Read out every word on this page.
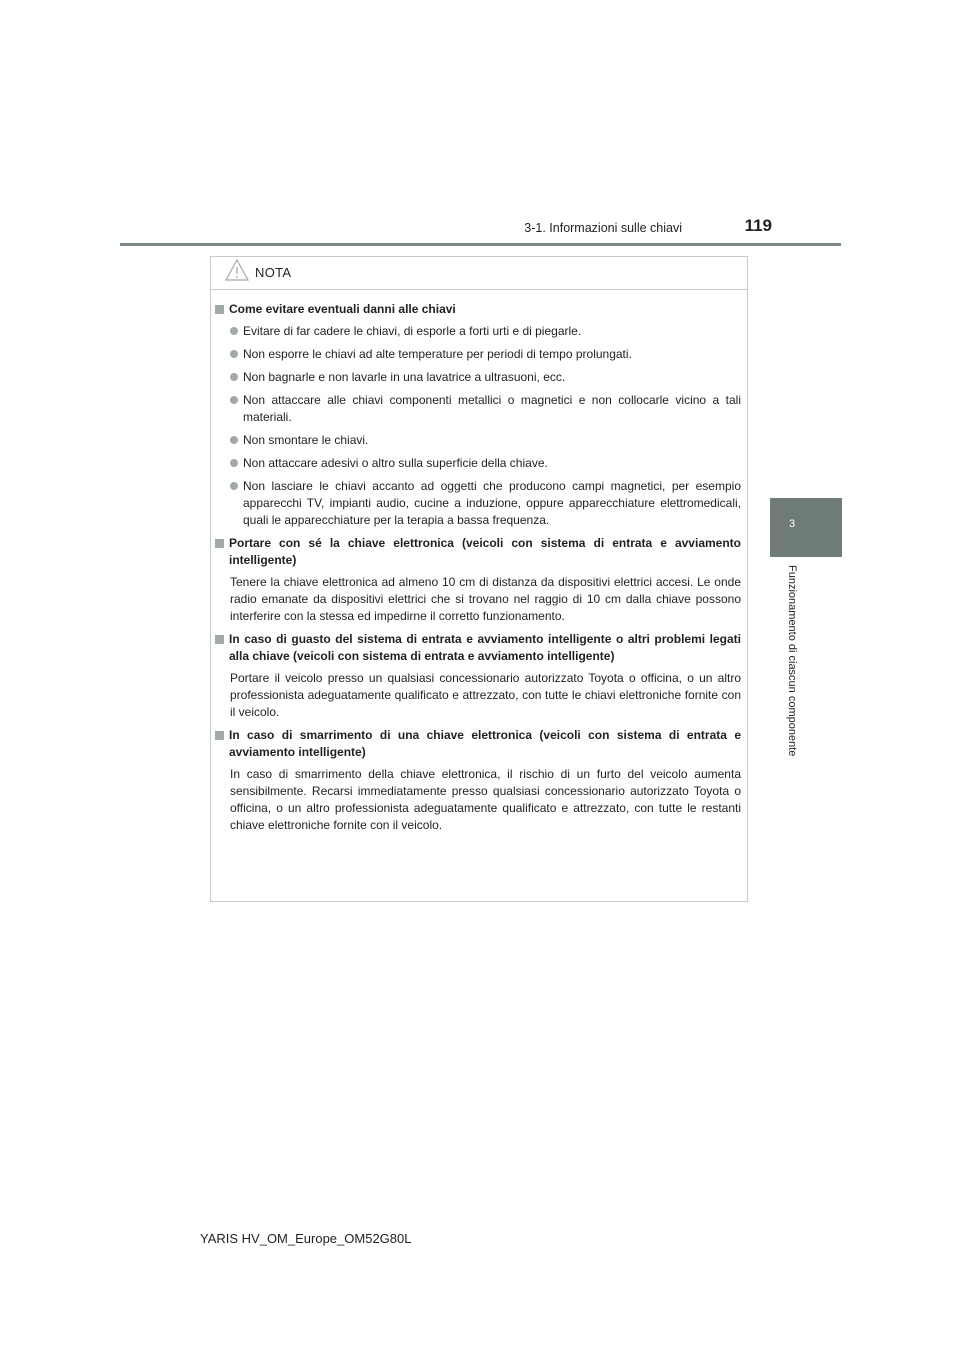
3-1. Informazioni sulle chiavi	119
3
Funzionamento di ciascun componente
NOTA
Come evitare eventuali danni alle chiavi
Evitare di far cadere le chiavi, di esporle a forti urti e di piegarle.
Non esporre le chiavi ad alte temperature per periodi di tempo prolungati.
Non bagnarle e non lavarle in una lavatrice a ultrasuoni, ecc.
Non attaccare alle chiavi componenti metallici o magnetici e non collocarle vicino a tali materiali.
Non smontare le chiavi.
Non attaccare adesivi o altro sulla superficie della chiave.
Non lasciare le chiavi accanto ad oggetti che producono campi magnetici, per esempio apparecchi TV, impianti audio, cucine a induzione, oppure apparecchiature elettromedicali, quali le apparecchiature per la terapia a bassa frequenza.
Portare con sé la chiave elettronica (veicoli con sistema di entrata e avviamento intelligente)
Tenere la chiave elettronica ad almeno 10 cm di distanza da dispositivi elettrici accesi. Le onde radio emanate da dispositivi elettrici che si trovano nel raggio di 10 cm dalla chiave possono interferire con la stessa ed impedirne il corretto funzionamento.
In caso di guasto del sistema di entrata e avviamento intelligente o altri problemi legati alla chiave (veicoli con sistema di entrata e avviamento intelligente)
Portare il veicolo presso un qualsiasi concessionario autorizzato Toyota o officina, o un altro professionista adeguatamente qualificato e attrezzato, con tutte le chiavi elettroniche fornite con il veicolo.
In caso di smarrimento di una chiave elettronica (veicoli con sistema di entrata e avviamento intelligente)
In caso di smarrimento della chiave elettronica, il rischio di un furto del veicolo aumenta sensibilmente. Recarsi immediatamente presso qualsiasi concessionario autorizzato Toyota o officina, o un altro professionista adeguatamente qualificato e attrezzato, con tutte le restanti chiave elettroniche fornite con il veicolo.
YARIS HV_OM_Europe_OM52G80L
